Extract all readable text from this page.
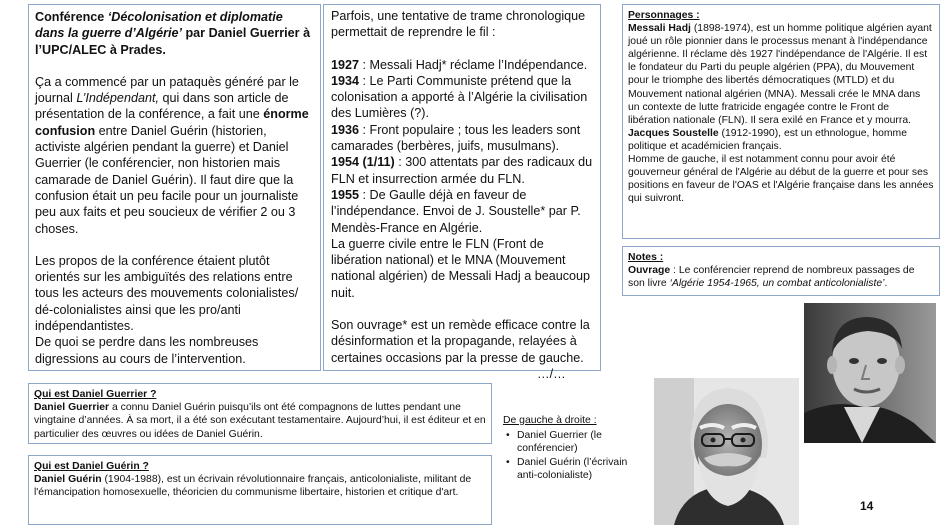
Conférence ‘Décolonisation et diplomatie dans la guerre d’Algérie’ par Daniel Guerrier à l’UPC/ALEC à Prades.
Ça a commencé par un pataquès généré par le journal L’Indépendant, qui dans son article de présentation de la conférence, a fait une énorme confusion entre Daniel Guérin (historien, activiste algérien pendant la guerre) et Daniel Guerrier (le conférencier, non historien mais camarade de Daniel Guérin). Il faut dire que la confusion était un peu facile pour un journaliste peu aux faits et peu soucieux de vérifier 2 ou 3 choses.
Les propos de la conférence étaient plutôt orientés sur les ambiguïtés des relations entre tous les acteurs des mouvements colonialistes/ dé-colonialistes ainsi que les pro/anti indépendantistes.
De quoi se perdre dans les nombreuses digressions au cours de l’intervention.
Parfois, une tentative de trame chronologique permettait de reprendre le fil :
1927 : Messali Hadj* réclame l’Indépendance.
1934 : Le Parti Communiste prétend que la colonisation a apporté à l’Algérie la civilisation des Lumières (?).
1936 : Front populaire ; tous les leaders sont camarades (berbères, juifs, musulmans).
1954 (1/11) : 300 attentats par des radicaux du FLN et insurrection armée du FLN.
1955 : De Gaulle déjà en faveur de l’indépendance. Envoi de J. Soustelle* par P. Mendès-France en Algérie.
La guerre civile entre le FLN (Front de libération national) et le MNA (Mouvement national algérien) de Messali Hadj a beaucoup nuit.
Son ouvrage* est un remède efficace contre la désinformation et la propagande, relayées à certaines occasions par la presse de gauche.
…/…
Personnages :
Messali Hadj (1898-1974), est un homme politique algérien ayant joué un rôle pionnier dans le processus menant à l'indépendance algérienne. Il réclame dès 1927 l'indépendance de l'Algérie. Il est le fondateur du Parti du peuple algérien (PPA), du Mouvement pour le triomphe des libertés démocratiques (MTLD) et du Mouvement national algérien (MNA). Messali crée le MNA dans un contexte de lutte fratricide engagée contre le Front de libération nationale (FLN). Il sera exilé en France et y mourra.
Jacques Soustelle (1912-1990), est un ethnologue, homme politique et académicien français.
Homme de gauche, il est notamment connu pour avoir été gouverneur général de l'Algérie au début de la guerre et pour ses positions en faveur de l'OAS et l'Algérie française dans les années qui suivront.
Notes :
Ouvrage : Le conférencier reprend de nombreux passages de son livre ‘Algérie 1954-1965, un combat anticolonialiste’.
Qui est Daniel Guerrier ?
Daniel Guerrier a connu Daniel Guérin puisqu’ils ont été compagnons de luttes pendant une vingtaine d’années. À sa mort, il a été son exécutant testamentaire. Aujourd’hui, il est éditeur et en particulier des œuvres ou idées de Daniel Guérin.
Qui est Daniel Guérin ?
Daniel Guérin (1904-1988), est un écrivain révolutionnaire français, anticolonialiste, militant de l'émancipation homosexuelle, théoricien du communisme libertaire, historien et critique d'art.
De gauche à droite :
• Daniel Guerrier (le conférencier)
• Daniel Guérin (l’écrivain anti-colonialiste)
14
